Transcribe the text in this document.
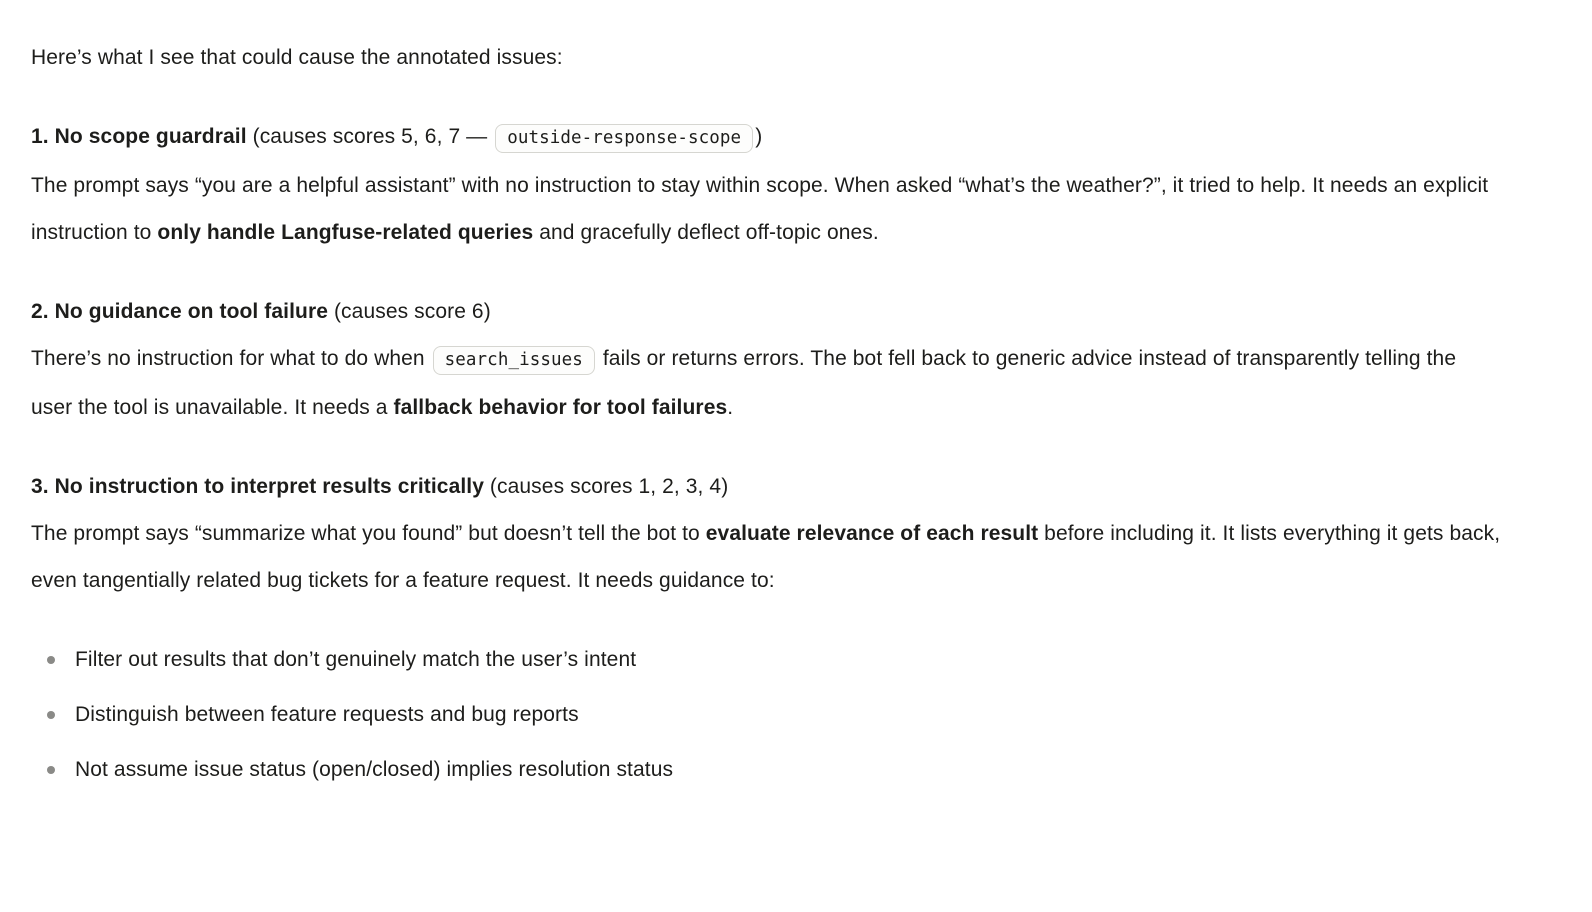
Here’s what I see that could cause the annotated issues:

1. No scope guardrail (causes scores 5, 6, 7 — outside-response-scope )

The prompt says “you are a helpful assistant” with no instruction to stay within scope. When asked “what’s the weather?”, it tried to help. It needs an explicit instruction to only handle Langfuse-related queries and gracefully deflect off-topic ones.

2. No guidance on tool failure (causes score 6)

There’s no instruction for what to do when search_issues fails or returns errors. The bot fell back to generic advice instead of transparently telling the user the tool is unavailable. It needs a fallback behavior for tool failures.

3. No instruction to interpret results critically (causes scores 1, 2, 3, 4)

The prompt says “summarize what you found” but doesn’t tell the bot to evaluate relevance of each result before including it. It lists everything it gets back, even tangentially related bug tickets for a feature request. It needs guidance to:

Filter out results that don’t genuinely match the user’s intent
Distinguish between feature requests and bug reports
Not assume issue status (open/closed) implies resolution status
